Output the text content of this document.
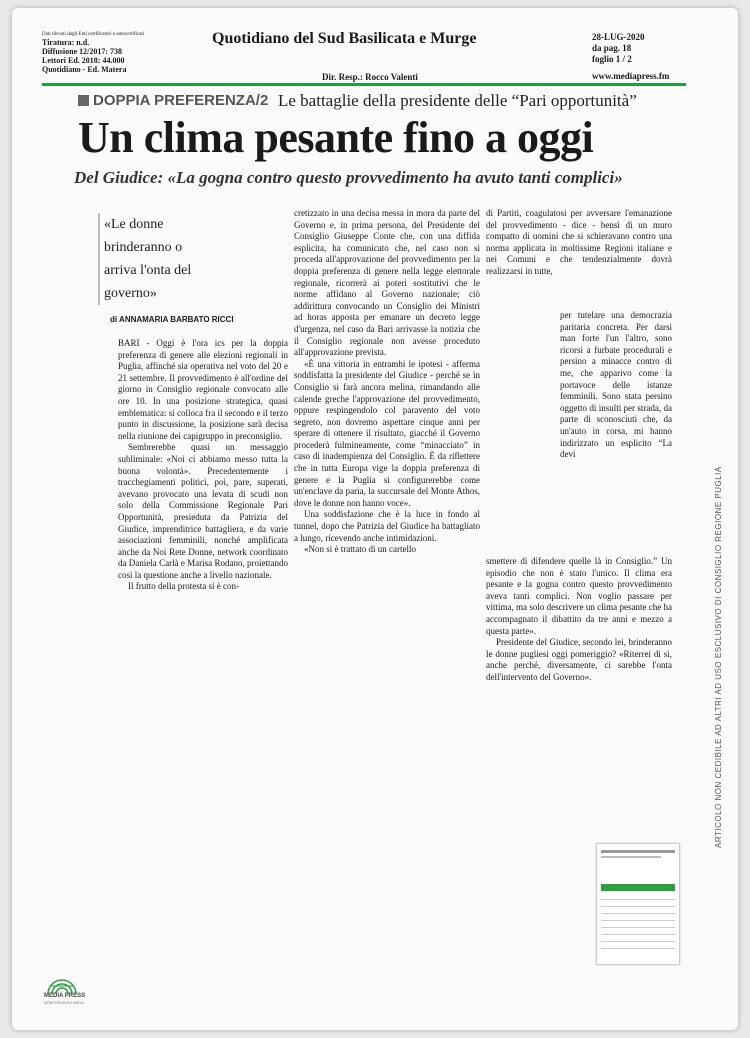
Dati rilevati dagli Enti certificatori o autocertificati
Tiratura: n.d.
Diffusione 12/2017: 738
Lettori Ed. 2018: 44.000
Quotidiano - Ed. Matera
Quotidiano del Sud Basilicata e Murge	28-LUG-2020
da pag. 18
foglio 1 / 2
Dir. Resp.: Rocco Valenti	www.mediapress.fm
DOPPIA PREFERENZA/2 Le battaglie della presidente delle “Pari opportunità”
Un clima pesante fino a oggi
Del Giudice: «La gogna contro questo provvedimento ha avuto tanti complici»
«Le donne brinderanno o arriva l'onta del governo»
di ANNAMARIA BARBATO RICCI

BARI - Oggi è l'ora ics per la doppia preferenza di genere alle elezioni regionali in Puglia, affinché sia operativa nel voto del 20 e 21 settembre. Il provvedimento è all'ordine del giorno in Consiglio regionale convocato alle ore 10. In una posizione strategica, quasi emblematica: si colloca fra il secondo e il terzo punto in discussione, la posizione sarà decisa nella riunione dei capigruppo in preconsiglio.

Sembrerebbe quasi un messaggio subliminale: «Noi ci abbiamo messo tutta la buona volontà». Precedentemente i tracchegiamenti politici, poi, pare, superati, avevano provocato una levata di scudi non solo della Commissione Regionale Pari Opportunità, presieduta da Patrizia del Giudice, imprenditrice battagliera, e da varie associazioni femminili, nonché amplificata anche da Noi Rete Donne, network coordinato da Daniela Carlà e Marisa Rodano, proiettando così la questione anche a livello nazionale.

Il frutto della protesta si è con-

cretizzato in una decisa messa in mora da parte del Governo e, in prima persona, del Presidente del Consiglio Giuseppe Conte che, con una diffida esplicita, ha comunicato che, nel caso non si proceda all'approvazione del provvedimento per la doppia preferenza di genere nella legge elettorale regionale, ricorrerà ai poteri sostitutivi che le norme affidano al Governo nazionale; ciò addirittura convocando un Consiglio dei Ministri ad horas apposta per emanare un decreto legge d'urgenza, nel caso da Bari arrivasse la notizia che il Consiglio regionale non avesse proceduto all'approvazione prevista.

«È una vittoria in entrambi le ipotesi - afferma soddisfatta la presidente del Giudice - perché se in Consiglio si farà ancora melina, rimandando alle calende greche l'approvazione del provvedimento, oppure respingendolo col paravento del voto segreto, non dovremo aspettare cinque anni per sperare di ottenere il risultato, giacché il Governo procederà fulmineamente, come “minacciato” in caso di inadempienza del Consiglio. È da riflettere che in tutta Europa vige la doppia preferenza di genere e la Puglia si configurerebbe come un'enclave da paria, la succursale del Monte Athos, dove le donne non hanno voce».

Una soddisfazione che è la luce in fondo al tunnel, dopo che Patrizia del Giudice ha battagliato a lungo, ricevendo anche intimidazioni.

«Non si è trattato di un cartello

di Partiti, coagulatosi per avversare l'emanazione del provvedimento - dice - bensì di un muro compatto di uomini che si schieravano contro una norma applicata in moltissime Regioni italiane e nei Comuni e che tendenzialmente dovrà realizzarsi in tutte,

per tutelare una democrazia paritaria concreta. Per darsi man forte l'un l'altro, sono ricorsi a furbate procedurali e persino a minacce contro di me, che apparivo come la portavoce delle istanze femminili. Sono stata persino oggetto di insulti per strada, da parte di sconosciuti che, da un'auto in corsa, mi hanno indirizzato un esplicito “La devi

smettere di difendere quelle là in Consiglio.” Un episodio che non è stato l'unico. Il clima era pesante e la gogna contro questo provvedimento aveva tanti complici. Non voglio passare per vittima, ma solo descrivere un clima pesante che ha accompagnato il dibattito da tre anni e mezzo a questa parte».

Presidente del Giudice, secondo lei, brinderanno le donne pugliesi oggi pomeriggio? «Riterrei di sì, anche perché, diversamente, ci sarebbe l'onta dell'intervento del Governo».

MEDIA PRESS
MONITORAGGIO MEDIA
ARTICOLO NON CEDIBILE AD ALTRI AD USO ESCLUSIVO DI CONSIGLIO REGIONE PUGLIA
